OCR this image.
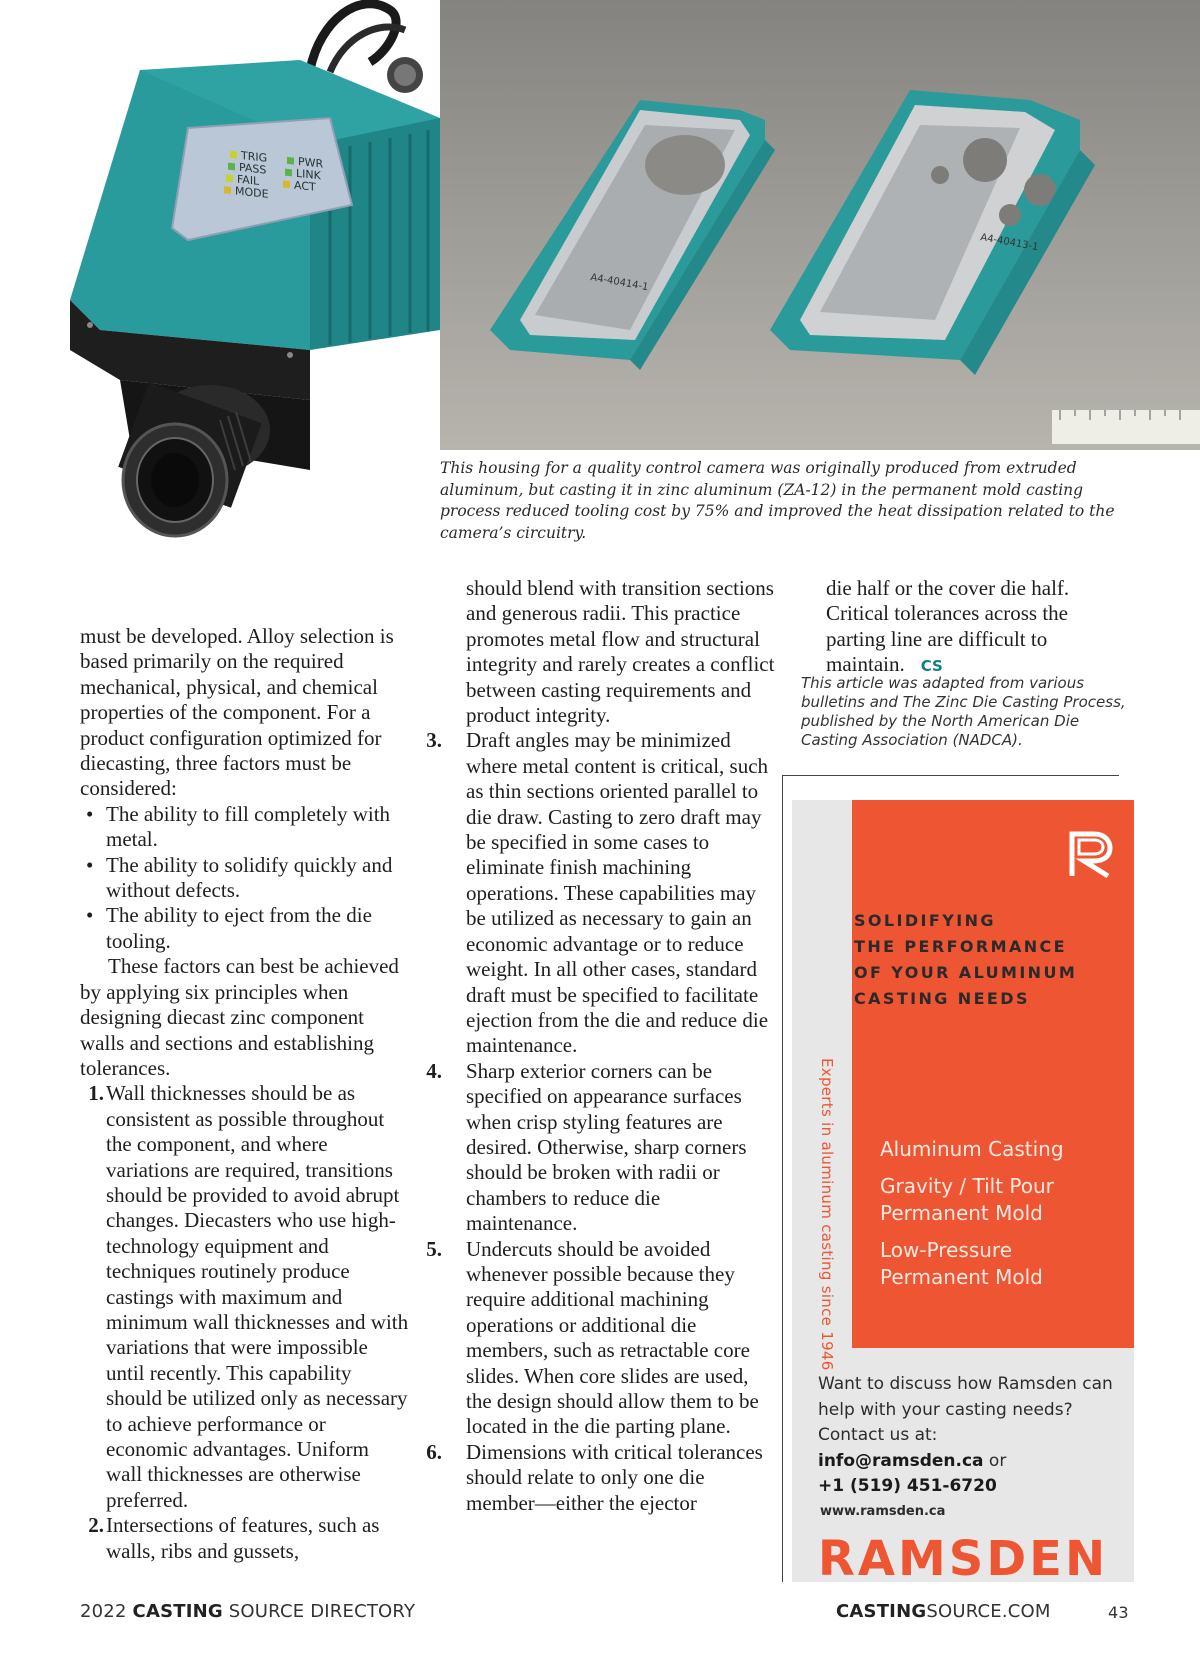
TRIG
PASS
FAIL
MODE
PWR
LINK
ACT
A4-40414-1
A4-40413-1

This housing for a quality control camera was originally produced from extruded aluminum, but casting it in zinc aluminum (ZA-12) in the permanent mold casting process reduced tooling cost by 75% and improved the heat dissipation related to the camera’s circuitry.

must be developed. Alloy selection is based primarily on the required mechanical, physical, and chemical properties of the component. For a product configuration optimized for diecasting, three factors must be considered:

• The ability to fill completely with metal.
• The ability to solidify quickly and without defects.
• The ability to eject from the die tooling.

These factors can best be achieved by applying six principles when designing diecast zinc component walls and sections and establishing tolerances.

1. Wall thicknesses should be as consistent as possible throughout the component, and where variations are required, transitions should be provided to avoid abrupt changes. Diecasters who use high-technology equipment and techniques routinely produce castings with maximum and minimum wall thicknesses and with variations that were impossible until recently. This capability should be utilized only as necessary to achieve performance or economic advantages. Uniform wall thicknesses are otherwise preferred.
2. Intersections of features, such as walls, ribs and gussets,
should blend with transition sections and generous radii. This practice promotes metal flow and structural integrity and rarely creates a conflict between casting requirements and product integrity.
3. Draft angles may be minimized where metal content is critical, such as thin sections oriented parallel to die draw. Casting to zero draft may be specified in some cases to eliminate finish machining operations. These capabilities may be utilized as necessary to gain an economic advantage or to reduce weight. In all other cases, standard draft must be specified to facilitate ejection from the die and reduce die maintenance.
4. Sharp exterior corners can be specified on appearance surfaces when crisp styling features are desired. Otherwise, sharp corners should be broken with radii or chambers to reduce die maintenance.
5. Undercuts should be avoided whenever possible because they require additional machining operations or additional die members, such as retractable core slides. When core slides are used, the design should allow them to be located in the die parting plane.
6. Dimensions with critical tolerances should relate to only one die member—either the ejector

die half or the cover die half. Critical tolerances across the parting line are difficult to maintain. CS

This article was adapted from various bulletins and The Zinc Die Casting Process, published by the North American Die Casting Association (NADCA).

SOLIDIFYING
THE PERFORMANCE
OF YOUR ALUMINUM
CASTING NEEDS
Experts in aluminum casting since 1946 Aluminum Casting
Gravity / Tilt Pour Permanent Mold
Low-Pressure Permanent Mold
Want to discuss how Ramsden can help with your casting needs? Contact us at:
info@ramsden.ca or
+1 (519) 451-6720
www.ramsden.ca
RAMSDEN
2022 CASTING SOURCE DIRECTORY	CASTINGSOURCE.COM	43
